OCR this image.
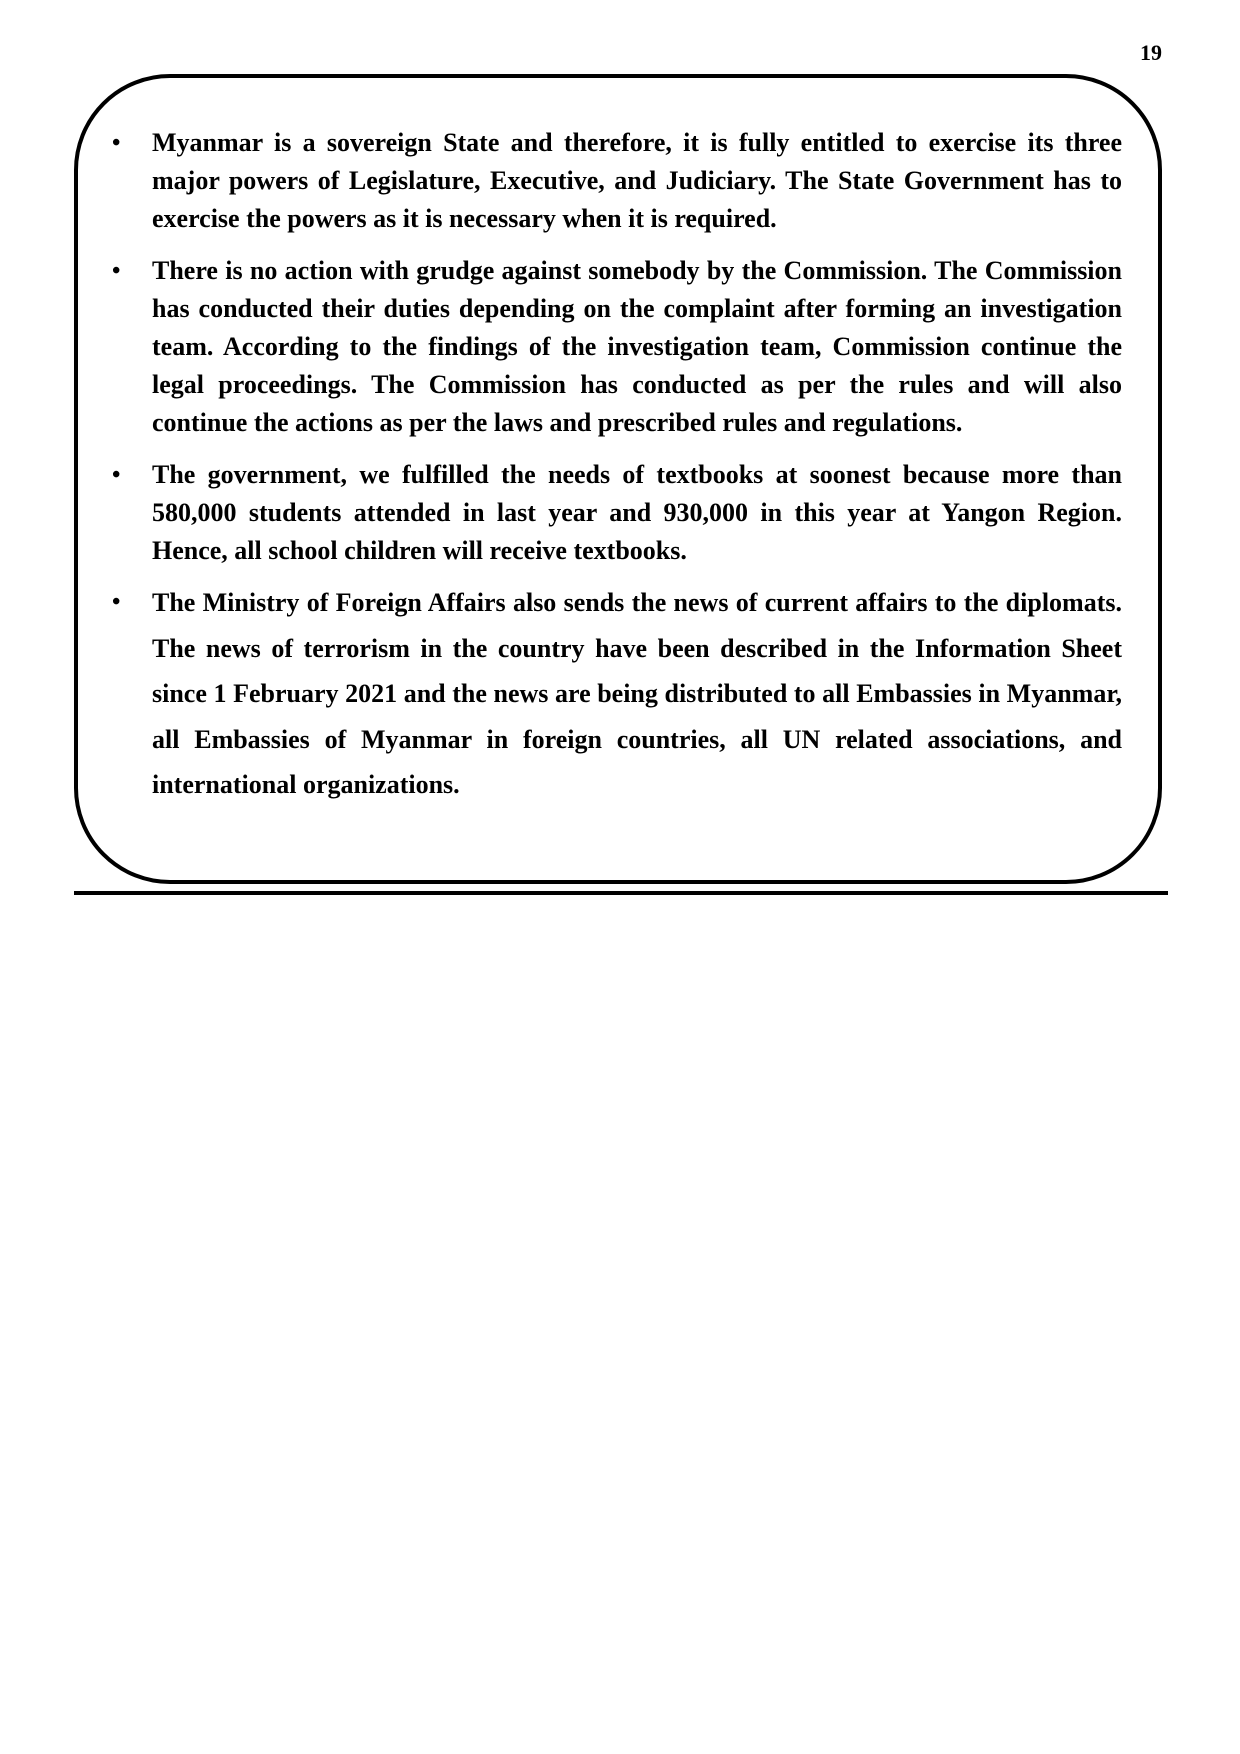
19
• Myanmar is a sovereign State and therefore, it is fully entitled to exercise its three major powers of Legislature, Executive, and Judiciary. The State Government has to exercise the powers as it is necessary when it is required.
• There is no action with grudge against somebody by the Commission. The Commission has conducted their duties depending on the complaint after forming an investigation team. According to the findings of the investigation team, Commission continue the legal proceedings. The Commission has conducted as per the rules and will also continue the actions as per the laws and prescribed rules and regulations.
• The government, we fulfilled the needs of textbooks at soonest because more than 580,000 students attended in last year and 930,000 in this year at Yangon Region. Hence, all school children will receive textbooks.
• The Ministry of Foreign Affairs also sends the news of current affairs to the diplomats. The news of terrorism in the country have been described in the Information Sheet since 1 February 2021 and the news are being distributed to all Embassies in Myanmar, all Embassies of Myanmar in foreign countries, all UN related associations, and international organizations.
